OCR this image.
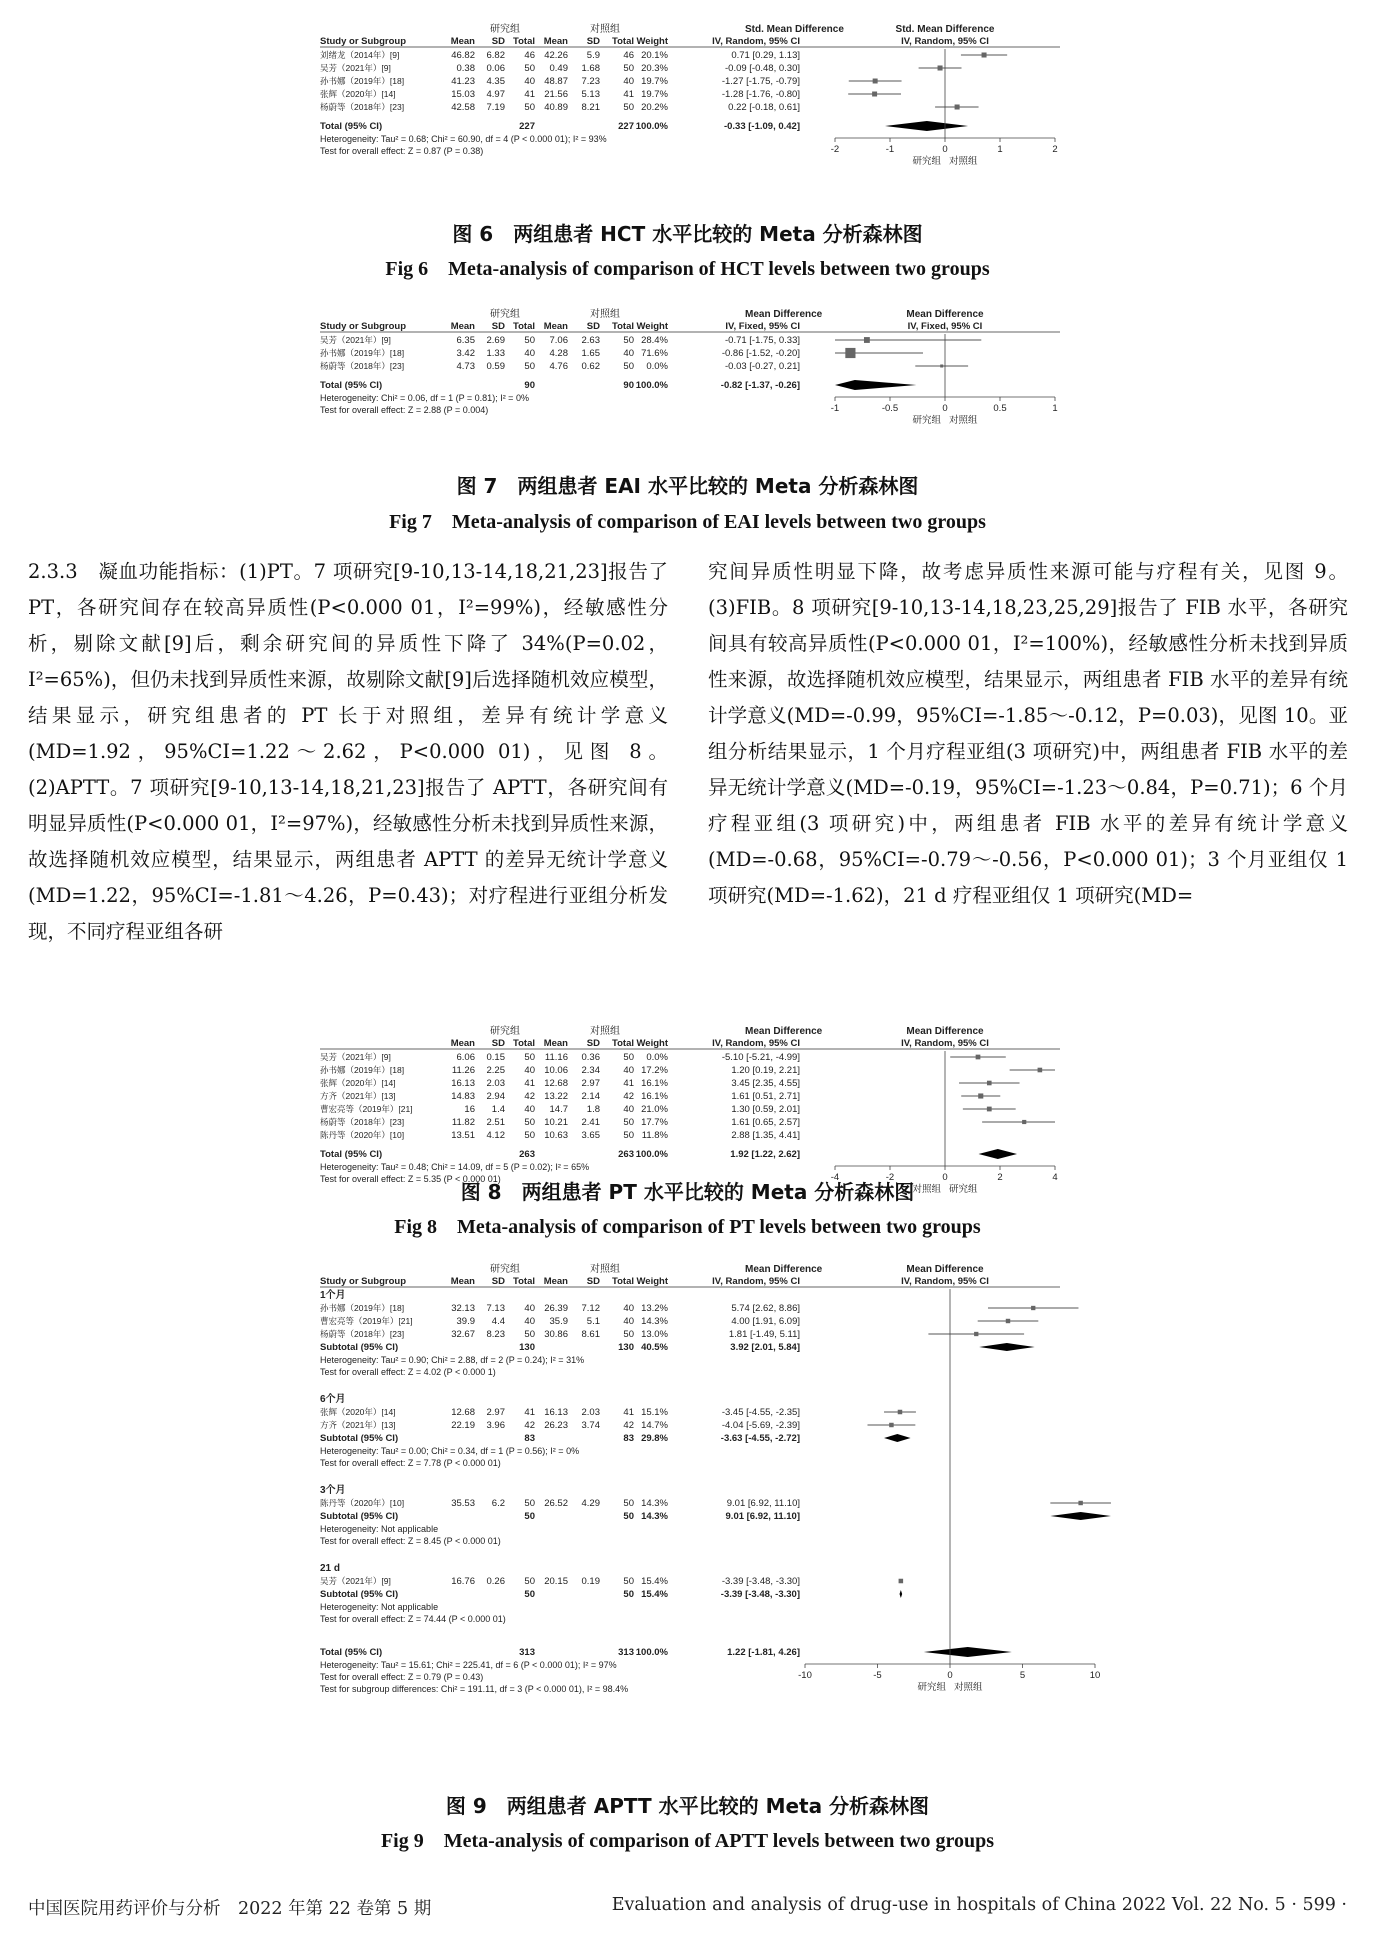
研究组	对照组	Std. Mean Difference	Std. Mean Difference
Study or Subgroup	Mean SD Total Mean SD Total Weight	IV, Random, 95% CI	IV, Random, 95% CI
刘绪龙（2014年）[9]	46.82 6.82 46 42.26 5.9 46 20.1%	0.71 [0.29, 1.13]
吴芳（2021年）[9]	0.38 0.06 50 0.49 1.68 50 20.3%	-0.09 [-0.48, 0.30]
孙书娜（2019年）[18]	41.23 4.35 40 48.87 7.23 40 19.7%	-1.27 [-1.75, -0.79]
张辉（2020年）[14]	15.03 4.97 41 21.56 5.13 41 19.7%	-1.28 [-1.76, -0.80]
杨蔚等（2018年）[23]	42.58 7.19 50 40.89 8.21 50 20.2%	0.22 [-0.18, 0.61]
Total (95% CI)	227	227 100.0%	-0.33 [-1.09, 0.42]
Heterogeneity: Tau² = 0.68; Chi² = 60.90, df = 4 (P < 0.000 01); I² = 93%
Test for overall effect: Z = 0.87 (P = 0.38)	-2	-1	0	1	2
研究组 对照组
图 6　两组患者 HCT 水平比较的 Meta 分析森林图
Fig 6　Meta-analysis of comparison of HCT levels between two groups
研究组	对照组	Mean Difference	Mean Difference
Study or Subgroup	Mean SD Total Mean SD Total Weight	IV, Fixed, 95% CI	IV, Fixed, 95% CI
吴芳（2021年）[9]	6.35 2.69 50 7.06 2.63 50 28.4%	-0.71 [-1.75, 0.33]
孙书娜（2019年）[18]	3.42 1.33 40 4.28 1.65 40 71.6%	-0.86 [-1.52, -0.20]
杨蔚等（2018年）[23]	4.73 0.59 50 4.76 0.62 50 0.0%	-0.03 [-0.27, 0.21]
Total (95% CI)	90	90 100.0%	-0.82 [-1.37, -0.26]
Heterogeneity: Chi² = 0.06, df = 1 (P = 0.81); I² = 0%
Test for overall effect: Z = 2.88 (P = 0.004)	-1	-0.5	0	0.5	1
研究组 对照组
图 7　两组患者 EAI 水平比较的 Meta 分析森林图
Fig 7　Meta-analysis of comparison of EAI levels between two groups

2.3.3　凝血功能指标：(1)PT。7 项研究[9-10,13-14,18,21,23]报告了 PT，各研究间存在较高异质性(P<0.000 01，I²=99%)，经敏感性分析，剔除文献[9]后，剩余研究间的异质性下降了 34%(P=0.02，I²=65%)，但仍未找到异质性来源，故剔除文献[9]后选择随机效应模型，结果显示，研究组患者的 PT 长于对照组，差异有统计学意义(MD=1.92，95%CI=1.22～2.62，P<0.000 01)，见图 8。(2)APTT。7 项研究[9-10,13-14,18,21,23]报告了 APTT，各研究间有明显异质性(P<0.000 01，I²=97%)，经敏感性分析未找到异质性来源，故选择随机效应模型，结果显示，两组患者 APTT 的差异无统计学意义(MD=1.22，95%CI=-1.81～4.26，P=0.43)；对疗程进行亚组分析发现，不同疗程亚组各研

究间异质性明显下降，故考虑异质性来源可能与疗程有关，见图 9。(3)FIB。8 项研究[9-10,13-14,18,23,25,29]报告了 FIB 水平，各研究间具有较高异质性(P<0.000 01，I²=100%)，经敏感性分析未找到异质性来源，故选择随机效应模型，结果显示，两组患者 FIB 水平的差异有统计学意义(MD=-0.99，95%CI=-1.85～-0.12，P=0.03)，见图 10。亚组分析结果显示，1 个月疗程亚组(3 项研究)中，两组患者 FIB 水平的差异无统计学意义(MD=-0.19，95%CI=-1.23～0.84，P=0.71)；6 个月疗程亚组(3 项研究)中，两组患者 FIB 水平的差异有统计学意义(MD=-0.68，95%CI=-0.79～-0.56，P<0.000 01)；3 个月亚组仅 1 项研究(MD=-1.62)，21 d 疗程亚组仅 1 项研究(MD=

研究组	对照组	Mean Difference	Mean Difference
Mean SD Total Mean SD Total Weight	IV, Random, 95% CI	IV, Random, 95% CI
吴芳（2021年）[9]	6.06 0.15 50 11.16 0.36 50 0.0%	-5.10 [-5.21, -4.99]
孙书娜（2019年）[18]	11.26 2.25 40 10.06 2.34 40 17.2%	1.20 [0.19, 2.21]
张辉（2020年）[14]	16.13 2.03 41 12.68 2.97 41 16.1%	3.45 [2.35, 4.55]
方齐（2021年）[13]	14.83 2.94 42 13.22 2.14 42 16.1%	1.61 [0.51, 2.71]
曹宏亮等（2019年）[21]	16 1.4 40 14.7 1.8 40 21.0%	1.30 [0.59, 2.01]
杨蔚等（2018年）[23]	11.82 2.51 50 10.21 2.41 50 17.7%	1.61 [0.65, 2.57]
陈丹等（2020年）[10]	13.51 4.12 50 10.63 3.65 50 11.8%	2.88 [1.35, 4.41]
Total (95% CI)	263	263 100.0%	1.92 [1.22, 2.62]
Heterogeneity: Tau² = 0.48; Chi² = 14.09, df = 5 (P = 0.02); I² = 65%
Test for overall effect: Z = 5.35 (P < 0.000 01)	-4	-2	0	2	4
对照组 研究组
图 8　两组患者 PT 水平比较的 Meta 分析森林图
Fig 8　Meta-analysis of comparison of PT levels between two groups
研究组	对照组	Mean Difference	Mean Difference
Study or Subgroup	Mean SD Total Mean SD Total Weight	IV, Random, 95% CI	IV, Random, 95% CI
1个月
孙书娜（2019年）[18]	32.13 7.13 40 26.39 7.12 40 13.2%	5.74 [2.62, 8.86]
曹宏亮等（2019年）[21]	39.9 4.4 40 35.9 5.1 40 14.3%	4.00 [1.91, 6.09]
杨蔚等（2018年）[23]	32.67 8.23 50 30.86 8.61 50 13.0%	1.81 [-1.49, 5.11]
Subtotal (95% CI)	130	130 40.5%	3.92 [2.01, 5.84]
Heterogeneity: Tau² = 0.90; Chi² = 2.88, df = 2 (P = 0.24); I² = 31%
Test for overall effect: Z = 4.02 (P < 0.000 1)
6个月
张辉（2020年）[14]	12.68 2.97 41 16.13 2.03 41 15.1%	-3.45 [-4.55, -2.35]
方齐（2021年）[13]	22.19 3.96 42 26.23 3.74 42 14.7%	-4.04 [-5.69, -2.39]
Subtotal (95% CI)	83	83 29.8%	-3.63 [-4.55, -2.72]
Heterogeneity: Tau² = 0.00; Chi² = 0.34, df = 1 (P = 0.56); I² = 0%
Test for overall effect: Z = 7.78 (P < 0.000 01)
3个月
陈丹等（2020年）[10]	35.53 6.2 50 26.52 4.29 50 14.3%	9.01 [6.92, 11.10]
Subtotal (95% CI)	50	50 14.3%	9.01 [6.92, 11.10]
Heterogeneity: Not applicable
Test for overall effect: Z = 8.45 (P < 0.000 01)
21 d
吴芳（2021年）[9]	16.76 0.26 50 20.15 0.19 50 15.4%	-3.39 [-3.48, -3.30]
Subtotal (95% CI)	50	50 15.4%	-3.39 [-3.48, -3.30]
Heterogeneity: Not applicable
Test for overall effect: Z = 74.44 (P < 0.000 01)
Total (95% CI)	313	313 100.0%	1.22 [-1.81, 4.26]
Heterogeneity: Tau² = 15.61; Chi² = 225.41, df = 6 (P < 0.000 01); I² = 97%
Test for overall effect: Z = 0.79 (P = 0.43)
Test for subgroup differences: Chi² = 191.11, df = 3 (P < 0.000 01), I² = 98.4%
-10	-5	0	5	10
研究组 对照组
图 9　两组患者 APTT 水平比较的 Meta 分析森林图
Fig 9　Meta-analysis of comparison of APTT levels between two groups
中国医院用药评价与分析　2022 年第 22 卷第 5 期	Evaluation and analysis of drug-use in hospitals of China 2022 Vol. 22 No. 5 · 599 ·
